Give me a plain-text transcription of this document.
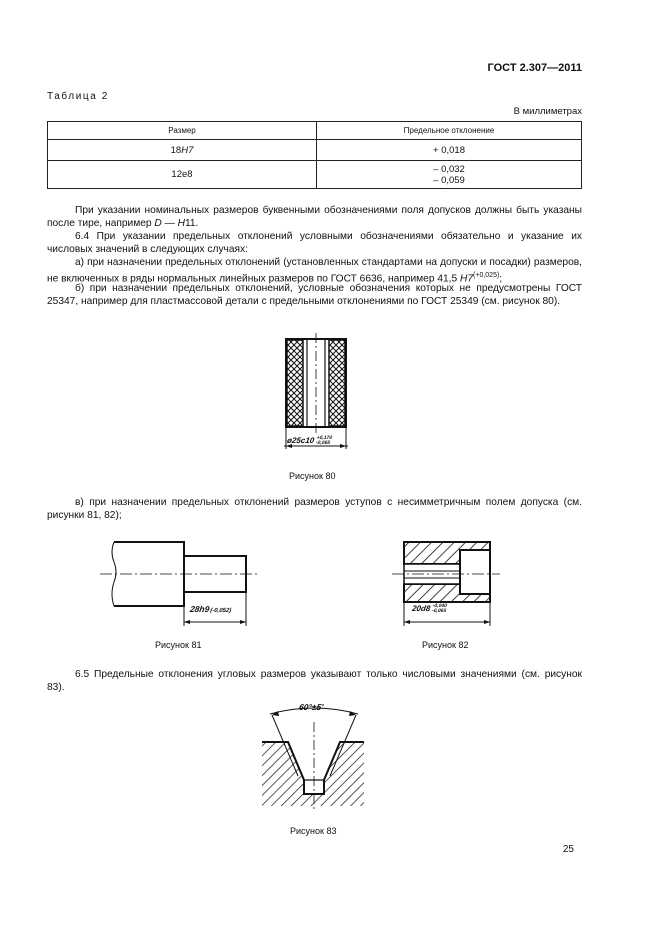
ГОСТ 2.307—2011
Таблица 2
В миллиметрах
Размер	Предельное отклонение
18H7	+ 0,018
12e8	– 0,032
– 0,059
При указании номинальных размеров буквенными обозначениями поля допусков должны быть указаны после тире, например D — H11.
6.4 При указании предельных отклонений условными обозначениями обязательно и указание их числовых значений в следующих случаях:
а) при назначении предельных отклонений (установленных стандартами на допуски и посадки) размеров, не включенных в ряды нормальных линейных размеров по ГОСТ 6636, например 41,5 $H7^{(+0,025)}$;
б) при назначении предельных отклонений, условные обозначения которых не предусмотрены ГОСТ 25347, например для пластмассовой детали с предельными отклонениями по ГОСТ 25349 (см. рисунок 80).
ø25c10+0,170
-0,065
Рисунок 80
в) при назначении предельных отклонений размеров уступов с несимметричным полем допуска (см. рисунки 81, 82);
28h9(-0,052)
Рисунок 81
20d8-0,040
-0,065
Рисунок 82
6.5 Предельные отклонения угловых размеров указывают только числовыми значениями (см. рисунок 83).
60°±5′
Рисунок 83
25
